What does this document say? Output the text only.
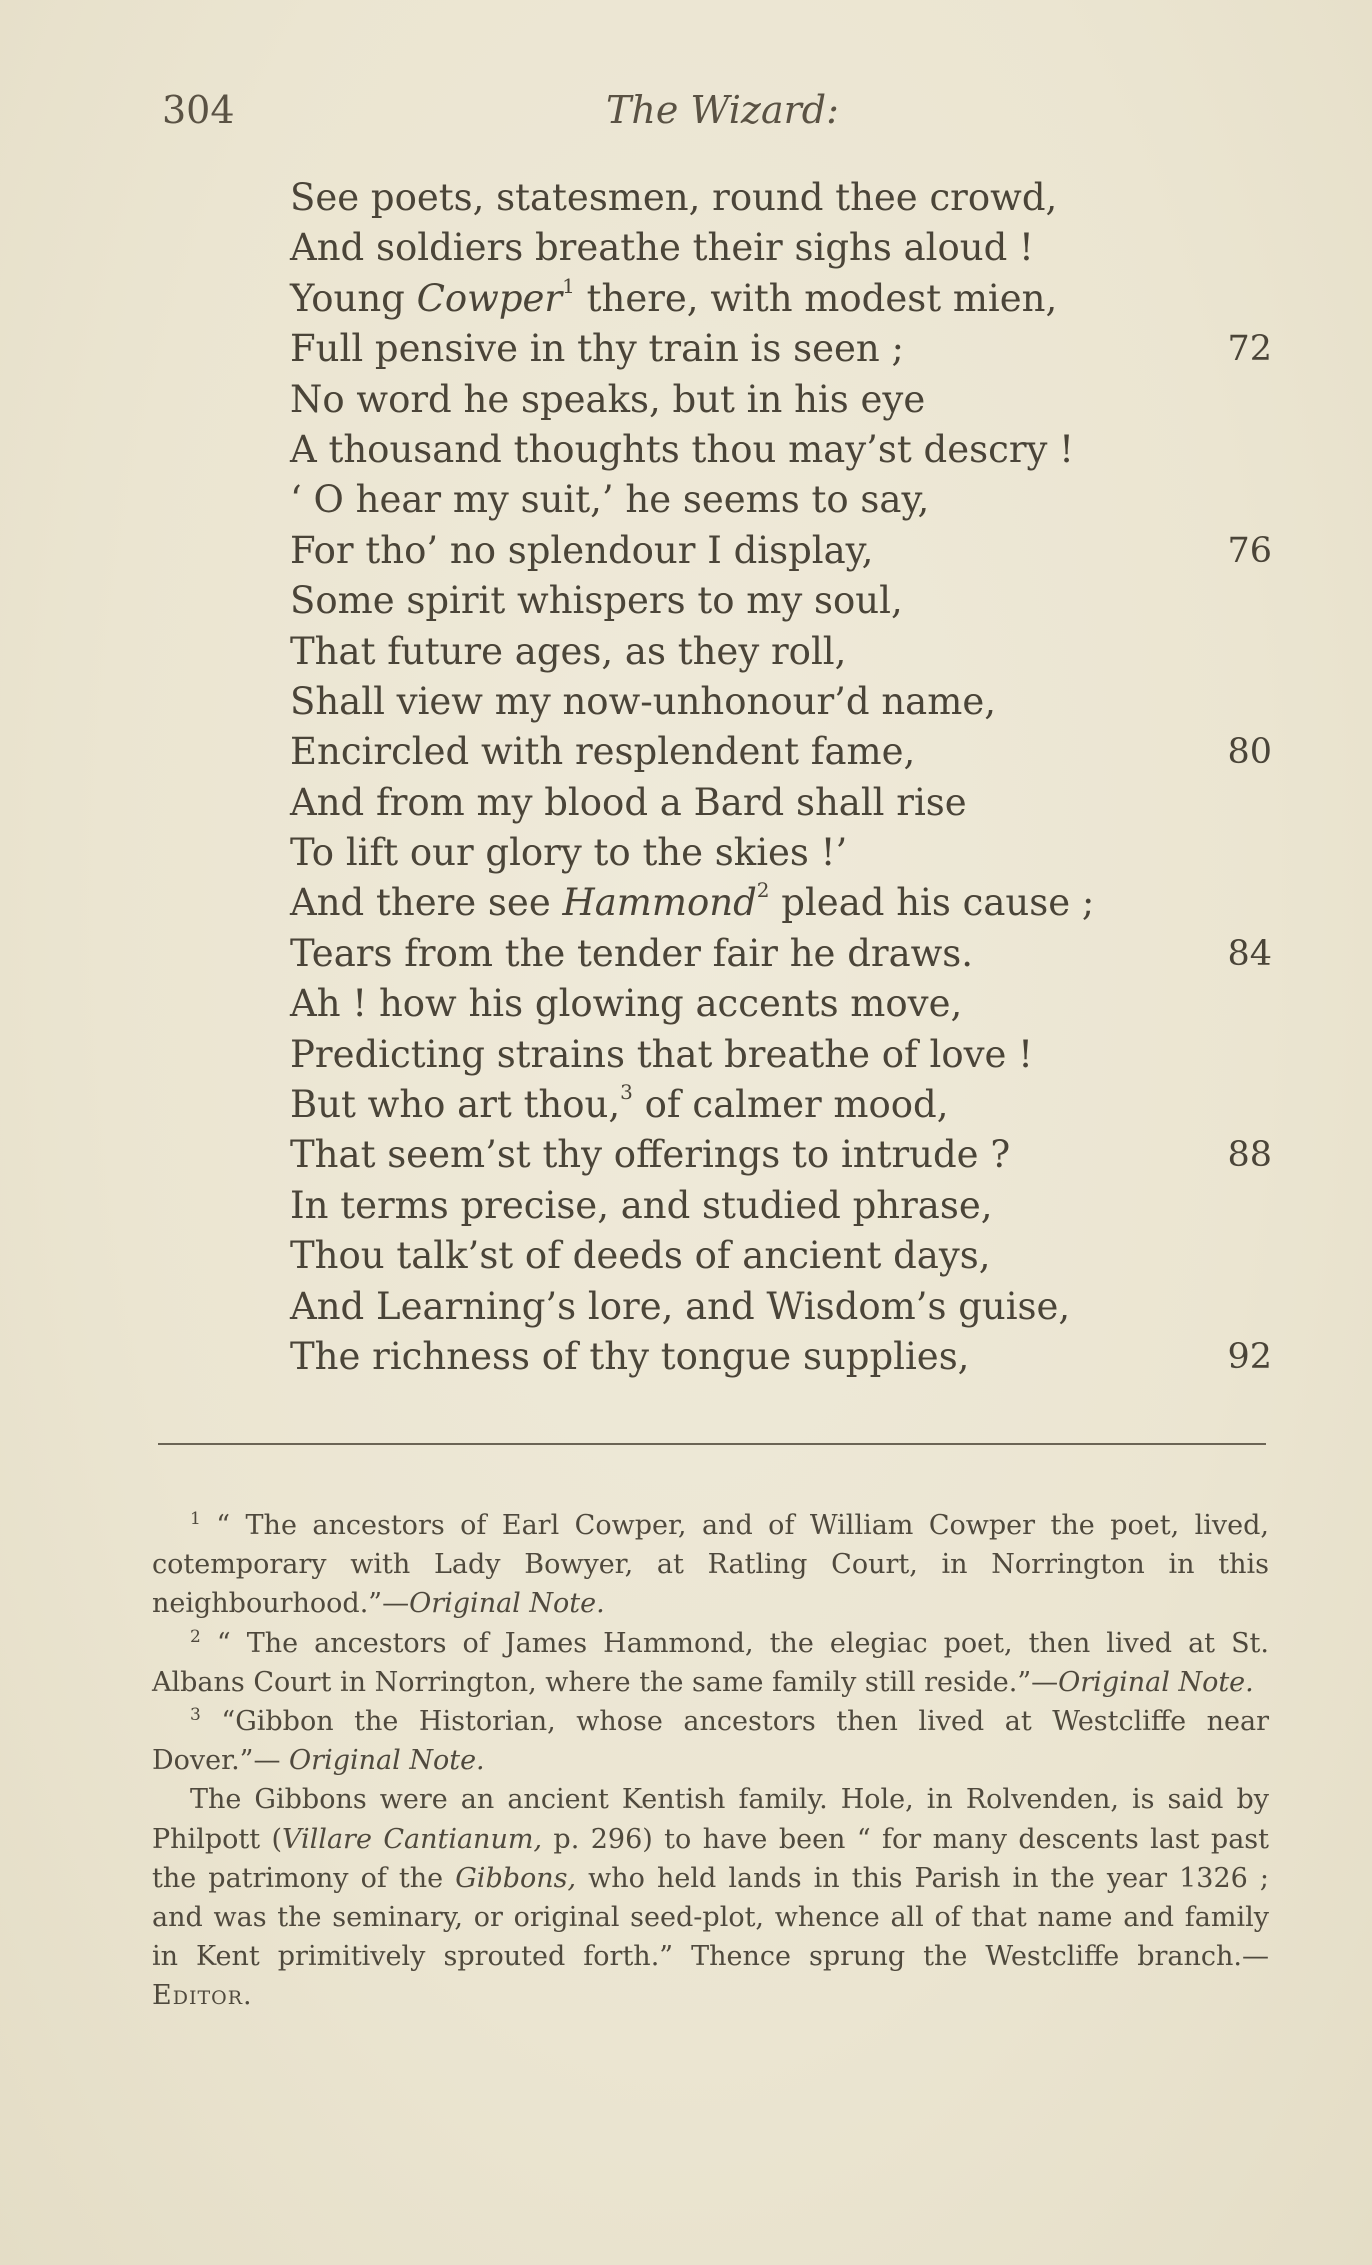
304	The Wizard:
See poets, statesmen, round thee crowd,
And soldiers breathe their sighs aloud !
Young Cowper$^1$ there, with modest mien,
Full pensive in thy train is seen ;	72
No word he speaks, but in his eye
A thousand thoughts thou may’st descry !
‘ O hear my suit,’ he seems to say,
For tho’ no splendour I display,	76
Some spirit whispers to my soul,
That future ages, as they roll,
Shall view my now-unhonour’d name,
Encircled with resplendent fame,	80
And from my blood a Bard shall rise
To lift our glory to the skies !’
And there see Hammond$^2$ plead his cause ;
Tears from the tender fair he draws.	84
Ah ! how his glowing accents move,
Predicting strains that breathe of love !
But who art thou,$^3$ of calmer mood,
That seem’st thy offerings to intrude ?	88
In terms precise, and studied phrase,
Thou talk’st of deeds of ancient days,
And Learning’s lore, and Wisdom’s guise,
The richness of thy tongue supplies,	92

$^1$ “ The ancestors of Earl Cowper, and of William Cowper the poet, lived, cotemporary with Lady Bowyer, at Ratling Court, in Norrington in this neighbourhood.”—Original Note.

$^2$ “ The ancestors of James Hammond, the elegiac poet, then lived at St. Albans Court in Norrington, where the same family still reside.”—Original Note.

$^3$ “Gibbon the Historian, whose ancestors then lived at Westcliffe near Dover.”— Original Note.

The Gibbons were an ancient Kentish family. Hole, in Rolvenden, is said by Philpott (Villare Cantianum, p. 296) to have been “ for many descents last past the patrimony of the Gibbons, who held lands in this Parish in the year 1326 ; and was the seminary, or original seed-plot, whence all of that name and family in Kent primitively sprouted forth.” Thence sprung the Westcliffe branch.—Editor.
